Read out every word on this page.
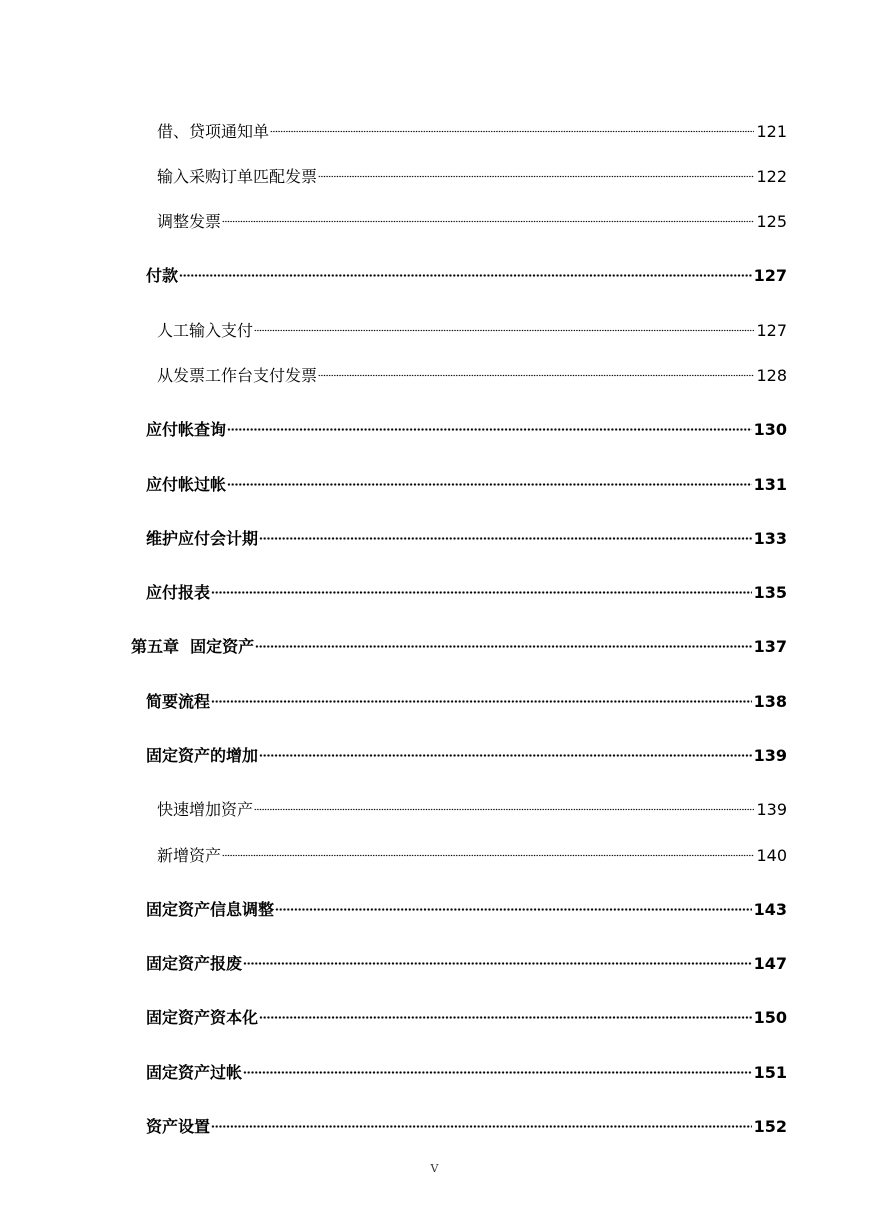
借、贷项通知单	121
输入采购订单匹配发票	122
调整发票	125
付款	127
人工输入支付	127
从发票工作台支付发票	128
应付帐查询	130
应付帐过帐	131
维护应付会计期	133
应付报表	135
第五章  固定资产	137
简要流程	138
固定资产的增加	139
快速增加资产	139
新增资产	140
固定资产信息调整	143
固定资产报废	147
固定资产资本化	150
固定资产过帐	151
资产设置	152
V
